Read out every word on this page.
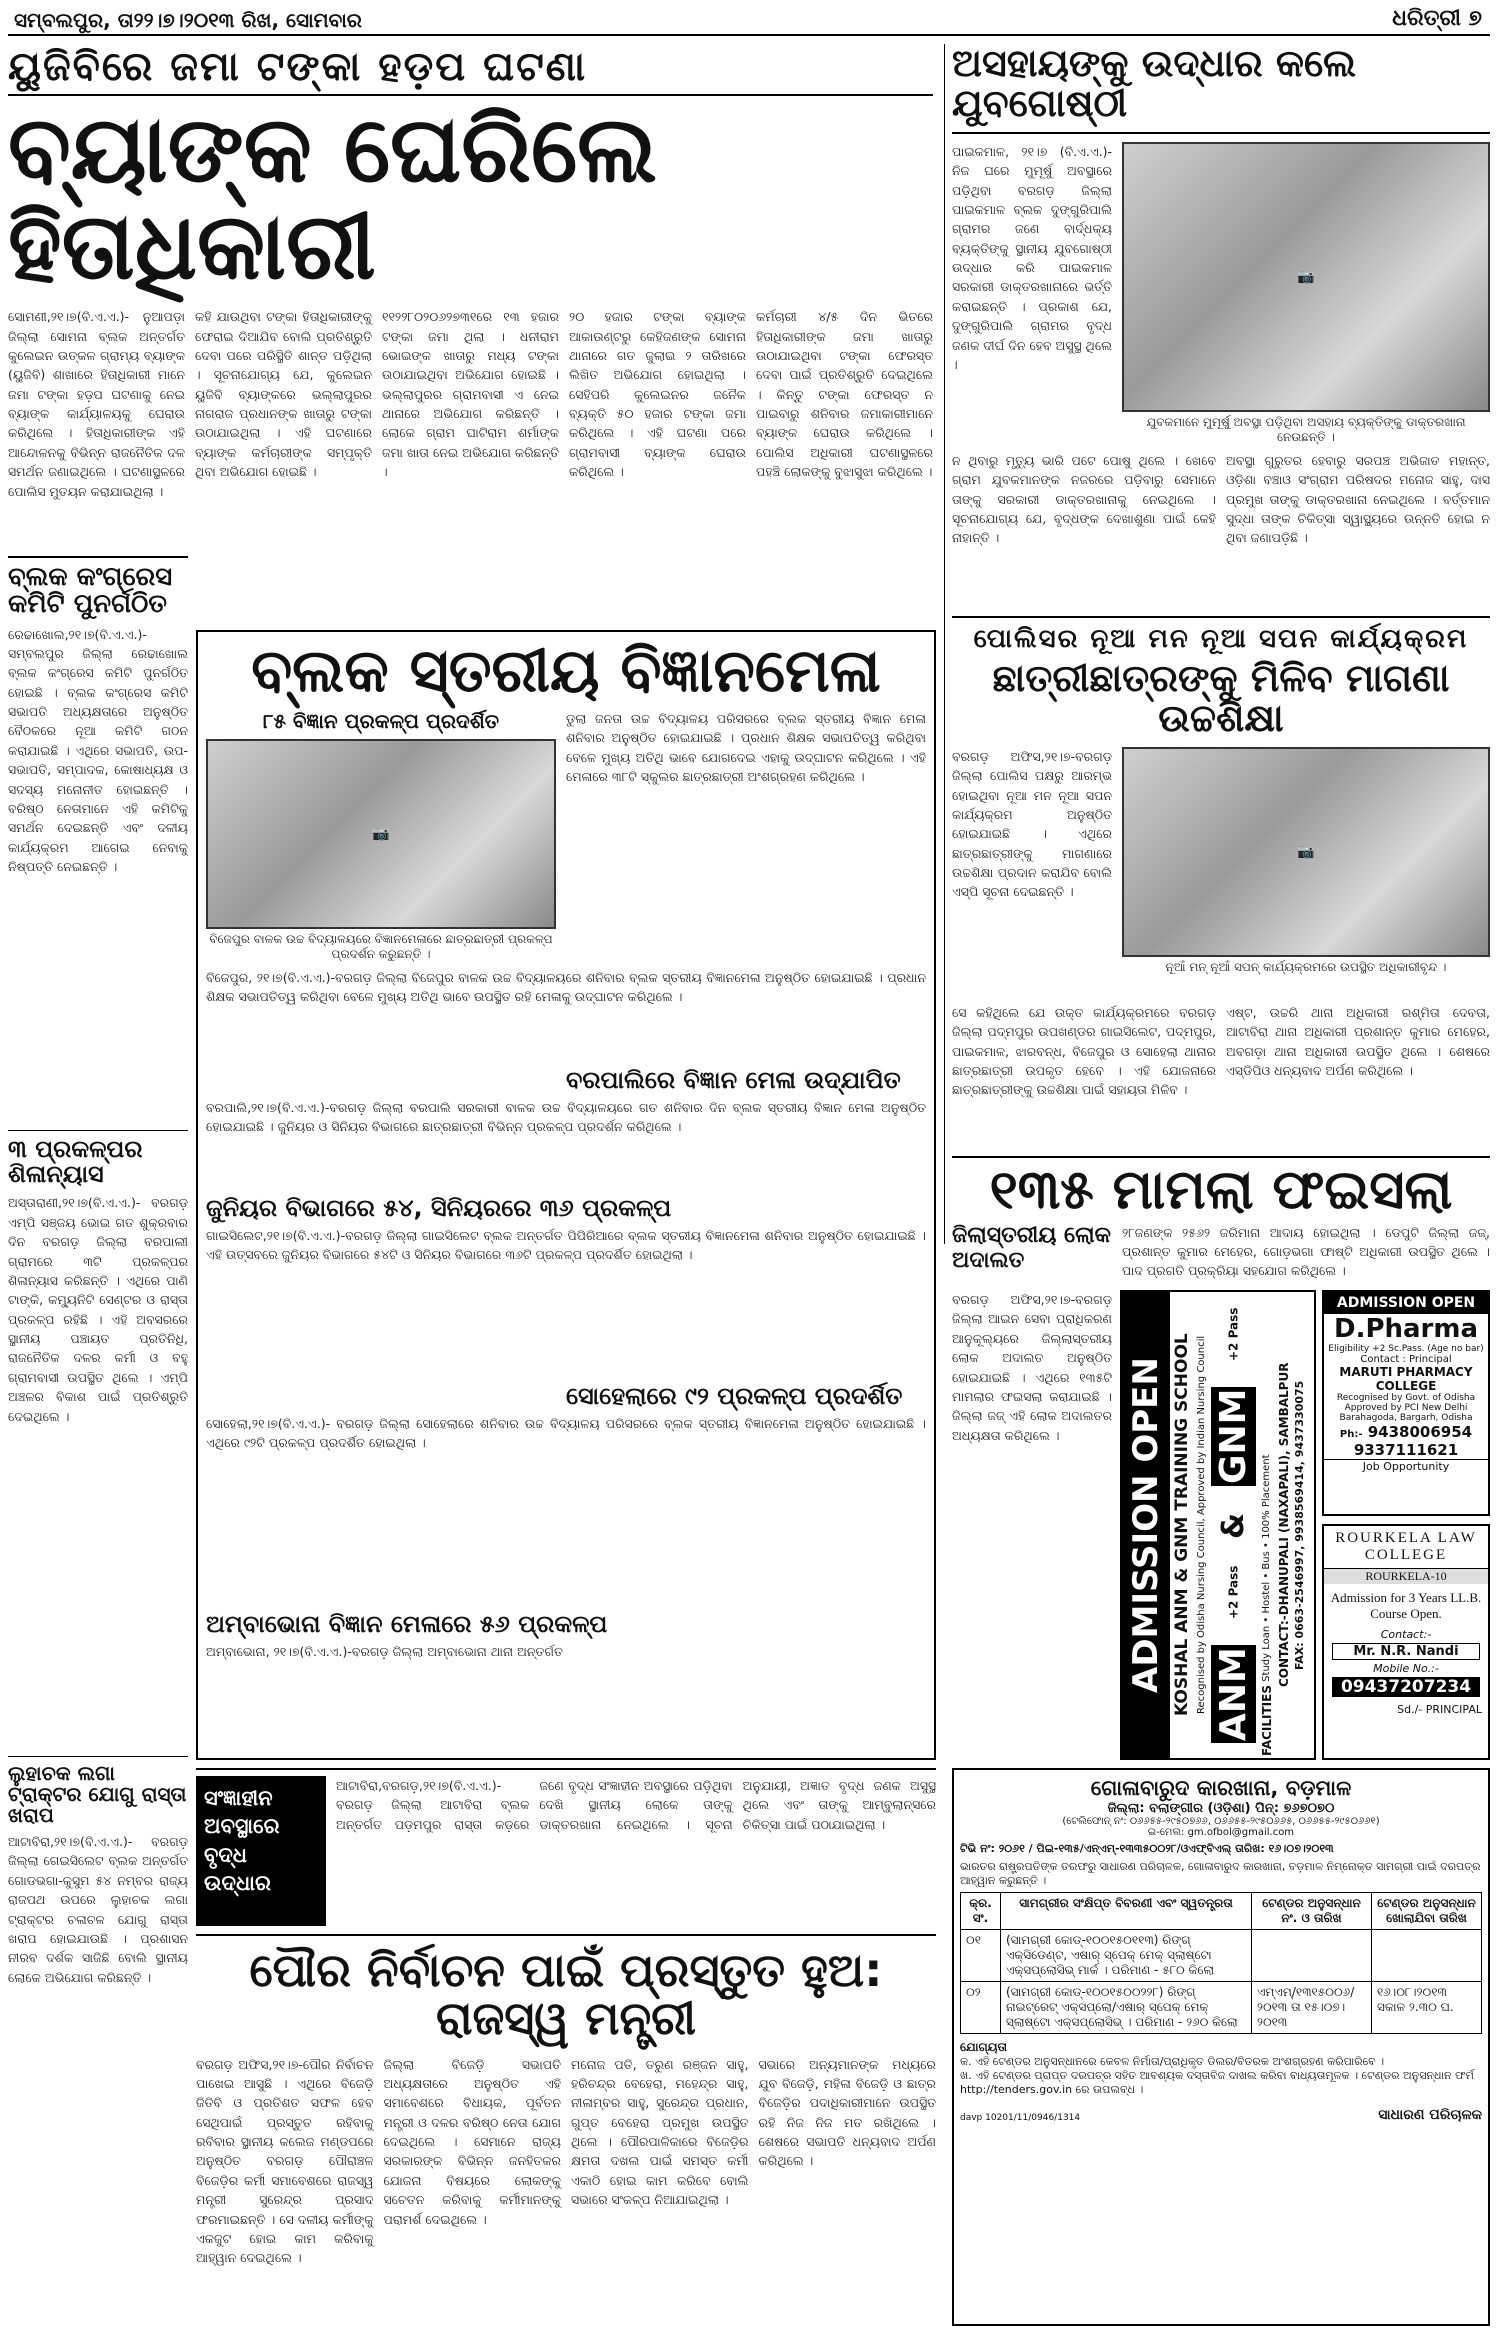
ସମ୍ବଲପୁର, ତା୨୨।୭।୨୦୧୩ ରିଖ, ସୋମବାର	ଧରିତ୍ରୀ ୭
ୟୁଜିବିରେ ଜମା ଟଙ୍କା ହଡ଼ପ ଘଟଣା
ବ୍ୟାଙ୍କ ଘେରିଲେ ହିତାଧିକାରୀ
ସୋମଣୀ,୨୧।୭(ବି.ଏ.ଏ.)- ନୁଆପଡ଼ା ଜିଲ୍ଲା ସୋମନା ବ୍ଲକ ଅନ୍ତର୍ଗତ କୁଲେଇନ ଉତ୍କଳ ଗ୍ରାମ୍ୟ ବ୍ୟାଙ୍କ (ୟୁଜିବି) ଶାଖାରେ ହିତାଧିକାରୀ ମାନେ ଜମା ଟଙ୍କା ହଡ଼ପ ଘଟଣାକୁ ନେଇ ବ୍ୟାଙ୍କ କାର୍ଯ୍ୟାଳୟକୁ ଘେରାଉ କରିଥିଲେ । ହିତାଧିକାରୀଙ୍କ ଏହି ଆନ୍ଦୋଳନକୁ ବିଭିନ୍ନ ରାଜନୈତିକ ଦଳ ସମର୍ଥନ ଜଣାଇଥିଲେ । ଘଟଣାସ୍ଥଳରେ ପୋଲିସ ମୁତୟନ କରାଯାଇଥିଲା ।
କହି ଯାଉଥିବା ଟଙ୍କା ହିତାଧିକାରୀଙ୍କୁ ଫେରାଇ ଦିଆଯିବ ବୋଲି ପ୍ରତିଶ୍ରୁତି ଦେବା ପରେ ପରିସ୍ଥିତି ଶାନ୍ତ ପଡ଼ିଥିଲା । ସୂଚନାଯୋଗ୍ୟ ଯେ, କୁଲେଇନ ୟୁଜିବି ବ୍ୟାଙ୍କରେ ଭଲ୍ଲାପୁରର ନାଗରାଜ ପ୍ରଧାନଙ୍କ ଖାତାରୁ ଟଙ୍କା ଉଠାଯାଇଥିଲା । ଏହି ଘଟଣାରେ ବ୍ୟାଙ୍କ କର୍ମଚାରୀଙ୍କ ସମ୍ପୃକ୍ତି ଥିବା ଅଭିଯୋଗ ହୋଇଛି ।
୧୧୨୨୮୦୨୦୬୨୭୩୧ରେ ୧୩ ହଜାର ଟଙ୍କା ଜମା ଥିଲା । ଧନୀରାମ ଭୋଇଙ୍କ ଖାତାରୁ ମଧ୍ୟ ଟଙ୍କା ଉଠାଯାଇଥିବା ଅଭିଯୋଗ ହୋଇଛି । ଭଲ୍ଲାପୁରର ଗ୍ରାମବାସୀ ଏ ନେଇ ଥାନାରେ ଅଭିଯୋଗ କରିଛନ୍ତି । ଲୋକେ ଗ୍ରାମ ଘାଟିରାମ ଶର୍ମାଙ୍କ ଜମା ଖାତା ନେଇ ଅଭିଯୋଗ କରିଛନ୍ତି ।
୨୦ ହଜାର ଟଙ୍କା ବ୍ୟାଙ୍କ ଆକାଉଣ୍ଟରୁ କେହିଜଣଙ୍କ ସୋମନା ଥାନାରେ ଗତ ଜୁଲାଇ ୨ ତାରିଖରେ ଲିଖିତ ଅଭିଯୋଗ ହୋଇଥିଲା । ସେହିପରି କୁଲେଇନର ଜନୈକ ବ୍ୟକ୍ତି ୫୦ ହଜାର ଟଙ୍କା ଜମା କରିଥିଲେ । ଏହି ଘଟଣା ପରେ ଗ୍ରାମବାସୀ ବ୍ୟାଙ୍କ ଘେରାଉ କରିଥିଲେ ।
କର୍ମଚାରୀ ୪/୫ ଦିନ ଭିତରେ ହିତାଧିକାରୀଙ୍କ ଜମା ଖାତାରୁ ଉଠାଯାଇଥିବା ଟଙ୍କା ଫେରସ୍ତ ଦେବା ପାଇଁ ପ୍ରତିଶ୍ରୁତି ଦେଇଥିଲେ । କିନ୍ତୁ ଟଙ୍କା ଫେରସ୍ତ ନ ପାଇବାରୁ ଶନିବାର ଜମାକାରୀମାନେ ବ୍ୟାଙ୍କ ଘେରାଉ କରିଥିଲେ । ପୋଲିସ ଅଧିକାରୀ ଘଟଣାସ୍ଥଳରେ ପହଞ୍ଚି ଲୋକଙ୍କୁ ବୁଝାସୁଝା କରିଥିଲେ ।
ଅସହାୟଙ୍କୁ ଉଦ୍ଧାର କଲେ ଯୁବଗୋଷ୍ଠୀ
ପାଇକମାଳ, ୨୧।୭ (ବି.ଏ.ଏ.)-ନିଜ ଘରେ ମୁମୂର୍ଷୁ ଅବସ୍ଥାରେ ପଡ଼ିଥିବା ବରଗଡ଼ ଜିଲ୍ଲା ପାଇକମାଳ ବ୍ଲକ ଦୁଙ୍ଗୁରିପାଲି ଗ୍ରାମର ଜଣେ ବାର୍ଦ୍ଧକ୍ୟ ବ୍ୟକ୍ତିଙ୍କୁ ସ୍ଥାନୀୟ ଯୁବଗୋଷ୍ଠୀ ଉଦ୍ଧାର କରି ପାଇକମାଳ ସରକାରୀ ଡାକ୍ତରଖାନାରେ ଭର୍ତ୍ତି କରାଇଛନ୍ତି । ପ୍ରକାଶ ଯେ, ଦୁଙ୍ଗୁରିପାଲି ଗ୍ରାମର ବୃଦ୍ଧ ଜଣକ ଦୀର୍ଘ ଦିନ ହେବ ଅସୁସ୍ଥ ଥିଲେ ।
📷
ଯୁବକମାନେ ମୁମୂର୍ଷୁ ଅବସ୍ଥା ପଡ଼ିଥିବା ଅସହାୟ ବ୍ୟକ୍ତିଙ୍କୁ ଡାକ୍ତରଖାନା ନେଉଛନ୍ତି ।
ନ ଥିବାରୁ ମୃତ୍ୟୁ ଭାରି ପଟେ ପୋଷୁ ଥିଲେ । ଖେବେ ଗ୍ରାମ ଯୁବକମାନଙ୍କ ନଜରରେ ପଡ଼ିବାରୁ ସେମାନେ ତାଙ୍କୁ ସରକାରୀ ଡାକ୍ତରଖାନାକୁ ନେଇଥିଲେ । ସୂଚନାଯୋଗ୍ୟ ଯେ, ବୃଦ୍ଧଙ୍କ ଦେଖାଶୁଣା ପାଇଁ କେହି ନାହାନ୍ତି ।
ଅବସ୍ଥା ଗୁରୁତର ହେବାରୁ ସରପଞ୍ଚ ଅଭିଜାତ ମହାନ୍ତ, ଓଡ଼ିଶା ବଞ୍ଚାଓ ସଂଗ୍ରାମ ପରିଷଦର ମନୋଜ ସାହୁ, ଦାସ ପ୍ରମୁଖ ତାଙ୍କୁ ଡାକ୍ତରଖାନା ନେଇଥିଲେ । ବର୍ତ୍ତମାନ ସୁଦ୍ଧା ତାଙ୍କ ଚିକିତ୍ସା ସ୍ୱାସ୍ଥ୍ୟରେ ଉନ୍ନତି ହୋଇ ନ ଥିବା ଜଣାପଡ଼ିଛି ।
ବ୍ଲକ କଂଗ୍ରେସ କମିଟି ପୁନର୍ଗଠିତ
ରେଢାଖୋଲ,୨୧।୭(ବି.ଏ.ଏ.)- ସମ୍ବଲପୁର ଜିଲ୍ଲା ରେଢାଖୋଲ ବ୍ଲକ କଂଗ୍ରେସ କମିଟି ପୁନର୍ଗଠିତ ହୋଇଛି । ବ୍ଲକ କଂଗ୍ରେସ କମିଟି ସଭାପତି ଅଧ୍ୟକ୍ଷତାରେ ଅନୁଷ୍ଠିତ ବୈଠକରେ ନୂଆ କମିଟି ଗଠନ କରାଯାଇଛି । ଏଥିରେ ସଭାପତି, ଉପ-ସଭାପତି, ସମ୍ପାଦକ, କୋଷାଧ୍ୟକ୍ଷ ଓ ସଦସ୍ୟ ମନୋନୀତ ହୋଇଛନ୍ତି । ବରିଷ୍ଠ ନେତାମାନେ ଏହି କମିଟିକୁ ସମର୍ଥନ ଦେଇଛନ୍ତି ଏବଂ ଦଳୀୟ କାର୍ଯ୍ୟକ୍ରମ ଆଗେଇ ନେବାକୁ ନିଷ୍ପତ୍ତି ନେଇଛନ୍ତି ।
୩ ପ୍ରକଳ୍ପର ଶିଳାନ୍ୟାସ
ଅସ୍ତାରାଣୀ,୨୧।୭(ବି.ଏ.ଏ.)- ବରଗଡ଼ ଏମ୍ପି ସଞ୍ଜୟ ଭୋଇ ଗତ ଶୁକ୍ରବାର ଦିନ ବରଗଡ଼ ଜିଲ୍ଲା ବରପାଲୀ ଗ୍ରାମରେ ୩ଟି ପ୍ରକଳ୍ପର ଶିଳାନ୍ୟାସ କରିଛନ୍ତି । ଏଥିରେ ପାଣି ଟାଙ୍କି, କମ୍ୟୁନିଟି ସେଣ୍ଟର ଓ ରାସ୍ତା ପ୍ରକଳ୍ପ ରହିଛି । ଏହି ଅବସରରେ ସ୍ଥାନୀୟ ପଞ୍ଚାୟତ ପ୍ରତିନିଧି, ରାଜନୈତିକ ଦଳର କର୍ମୀ ଓ ବହୁ ଗ୍ରାମବାସୀ ଉପସ୍ଥିତ ଥିଲେ । ଏମ୍ପି ଅଞ୍ଚଳର ବିକାଶ ପାଇଁ ପ୍ରତିଶ୍ରୁତି ଦେଇଥିଲେ ।
ଲୁହାଚକ ଲଗା ଟ୍ରାକ୍ଟର ଯୋଗୁ ରାସ୍ତା ଖରାପ
ଆଟାବିରା,୨୧।୭(ବି.ଏ.ଏ.)- ବରଗଡ଼ ଜିଲ୍ଲା ଗେଇସିଲେଟ ବ୍ଲକ ଅନ୍ତର୍ଗତ ଗୋଡଭଗା-କୁସୁମ ୫୪ ନମ୍ବର ରାଜ୍ୟ ରାଜପଥ ଉପରେ ଲୁହାଚକ ଲଗା ଟ୍ରାକ୍ଟର ଚଳାଚଳ ଯୋଗୁ ରାସ୍ତା ଖରାପ ହୋଇଯାଉଛି । ପ୍ରଶାସନ ନୀରବ ଦର୍ଶକ ସାଜିଛି ବୋଲି ସ୍ଥାନୀୟ ଲୋକେ ଅଭିଯୋଗ କରିଛନ୍ତି ।
ବ୍ଲକ ସ୍ତରୀୟ ବିଜ୍ଞାନମେଳା
୮୫ ବିଜ୍ଞାନ ପ୍ରକଳ୍ପ ପ୍ରଦର୍ଶିତ
📷
ବିଜେପୁର ବାଳକ ଉଚ୍ଚ ବିଦ୍ୟାଳୟରେ ବିଜ୍ଞାନମେଳାରେ ଛାତ୍ରଛାତ୍ରୀ ପ୍ରକଳ୍ପ ପ୍ରଦର୍ଶନ କରୁଛନ୍ତି ।
ଡୁଲା ଜନତା ଉଚ୍ଚ ବିଦ୍ୟାଳୟ ପରିସରରେ ବ୍ଲକ ସ୍ତରୀୟ ବିଜ୍ଞାନ ମେଳା ଶନିବାର ଅନୁଷ୍ଠିତ ହୋଇଯାଇଛି । ପ୍ରଧାନ ଶିକ୍ଷକ ସଭାପତିତ୍ୱ କରିଥିବା ବେଳେ ମୁଖ୍ୟ ଅତିଥି ଭାବେ ଯୋଗଦେଇ ଏହାକୁ ଉଦ୍‌ଘାଟନ କରିଥିଲେ । ଏହି ମେଳାରେ ୩୮ଟି ସ୍କୁଲର ଛାତ୍ରଛାତ୍ରୀ ଅଂଶଗ୍ରହଣ କରିଥିଲେ ।
ବିଜେପୁର, ୨୧।୭(ବି.ଏ.ଏ.)-ବରଗଡ଼ ଜିଲ୍ଲା ବିଜେପୁର ବାଳକ ଉଚ୍ଚ ବିଦ୍ୟାଳୟରେ ଶନିବାର ବ୍ଲକ ସ୍ତରୀୟ ବିଜ୍ଞାନମେଳା ଅନୁଷ୍ଠିତ ହୋଇଯାଇଛି । ପ୍ରଧାନ ଶିକ୍ଷକ ସଭାପତିତ୍ୱ କରିଥିବା ବେଳେ ମୁଖ୍ୟ ଅତିଥି ଭାବେ ଉପସ୍ଥିତ ରହି ମେଳାକୁ ଉଦ୍‌ଘାଟନ କରିଥିଲେ ।
ବରପାଲିରେ ବିଜ୍ଞାନ ମେଳା ଉଦ୍‌ଯାପିତ
ବରପାଲି,୨୧।୭(ବି.ଏ.ଏ.)-ବରଗଡ଼ ଜିଲ୍ଲା ବରପାଲି ସରକାରୀ ବାଳକ ଉଚ୍ଚ ବିଦ୍ୟାଳୟରେ ଗତ ଶନିବାର ଦିନ ବ୍ଲକ ସ୍ତରୀୟ ବିଜ୍ଞାନ ମେଳା ଅନୁଷ୍ଠିତ ହୋଇଯାଇଛି । ଜୁନିୟର ଓ ସିନିୟର ବିଭାଗରେ ଛାତ୍ରଛାତ୍ରୀ ବିଭିନ୍ନ ପ୍ରକଳ୍ପ ପ୍ରଦର୍ଶନ କରିଥିଲେ ।
ଜୁନିୟର ବିଭାଗରେ ୫୪, ସିନିୟରରେ ୩୬ ପ୍ରକଳ୍ପ
ଗାଇସିଲେଟ,୨୧।୭(ବି.ଏ.ଏ.)-ବରଗଡ଼ ଜିଲ୍ଲା ଗାଇସିଲେଟ ବ୍ଲକ ଅନ୍ତର୍ଗତ ପିପିରିଆରେ ବ୍ଲକ ସ୍ତରୀୟ ବିଜ୍ଞାନମେଳା ଶନିବାର ଅନୁଷ୍ଠିତ ହୋଇଯାଇଛି । ଏହି ଉତ୍ସବରେ ଜୁନିୟର ବିଭାଗରେ ୫୪ଟି ଓ ସିନିୟର ବିଭାଗରେ ୩୬ଟି ପ୍ରକଳ୍ପ ପ୍ରଦର୍ଶିତ ହୋଇଥିଲା ।
ସୋହେଲାରେ ୯୨ ପ୍ରକଳ୍ପ ପ୍ରଦର୍ଶିତ
ସୋହେଲା,୨୧।୭(ବି.ଏ.ଏ.)- ବରଗଡ଼ ଜିଲ୍ଲା ସୋହେଲାରେ ଶନିବାର ଉଚ୍ଚ ବିଦ୍ୟାଳୟ ପରିସରରେ ବ୍ଲକ ସ୍ତରୀୟ ବିଜ୍ଞାନମେଳା ଅନୁଷ୍ଠିତ ହୋଇଯାଇଛି । ଏଥିରେ ୯୨ଟି ପ୍ରକଳ୍ପ ପ୍ରଦର୍ଶିତ ହୋଇଥିଲା ।
ଅମ୍ବାଭୋନା ବିଜ୍ଞାନ ମେଳାରେ ୫୬ ପ୍ରକଳ୍ପ
ଅମ୍ବାଭୋନା, ୨୧।୭(ବି.ଏ.ଏ.)-ବରଗଡ଼ ଜିଲ୍ଲା ଅମ୍ବାଭୋନା ଥାନା ଅନ୍ତର୍ଗତ
ପୋଲିସର ନୂଆ ମନ ନୂଆ ସପନ କାର୍ଯ୍ୟକ୍ରମ
ଛାତ୍ରୀଛାତ୍ରଙ୍କୁ ମିଳିବ ମାଗଣା ଉଚ୍ଚଶିକ୍ଷା
ବରଗଡ଼ ଅଫିସ,୨୧।୭-ବରଗଡ଼ ଜିଲ୍ଲା ପୋଲିସ ପକ୍ଷରୁ ଆରମ୍ଭ ହୋଇଥିବା ନୂଆ ମନ ନୂଆ ସପନ କାର୍ଯ୍ୟକ୍ରମ ଅନୁଷ୍ଠିତ ହୋଇଯାଇଛି । ଏଥିରେ ଛାତ୍ରଛାତ୍ରୀଙ୍କୁ ମାଗଣାରେ ଉଚ୍ଚଶିକ୍ଷା ପ୍ରଦାନ କରାଯିବ ବୋଲି ଏସ୍‌ପି ସୂଚନା ଦେଇଛନ୍ତି ।
📷
ନୂଆଁ ମନ୍ ନୂଆଁ ସପନ୍ କାର୍ଯ୍ୟକ୍ରମରେ ଉପସ୍ଥିତ ଅଧିକାରୀବୃନ୍ଦ ।
ସେ କହିଥିଲେ ଯେ ଉକ୍ତ କାର୍ଯ୍ୟକ୍ରମରେ ବରଗଡ଼ ଜିଲ୍ଲା ପଦ୍ମପୁର ଉପଖଣ୍ଡର ଗାଇସିଲେଟ, ପଦ୍ମପୁର, ପାଇକମାଳ, ଝାରବନ୍ଧ, ବିଜେପୁର ଓ ସୋହେଲା ଥାନାର ଛାତ୍ରଛାତ୍ରୀ ଉପକୃତ ହେବେ । ଏହି ଯୋଜନାରେ ଛାତ୍ରଛାତ୍ରୀଙ୍କୁ ଉଚ୍ଚଶିକ୍ଷା ପାଇଁ ସହାୟତା ମିଳିବ ।
ଏଷ୍ଟ, ଉଚ୍ଚରି ଥାନା ଅଧିକାରୀ ରଶ୍ମିତା ଦେବତା, ଆଟାବିରା ଥାନା ଅଧିକାରୀ ପ୍ରଶାନ୍ତ କୁମାର ମେହେର, ଅବଗଡ଼ା ଥାନା ଅଧିକାରୀ ଉପସ୍ଥିତ ଥିଲେ । ଶେଷରେ ଏସ୍‌ଡିପିଓ ଧନ୍ୟବାଦ ଅର୍ପଣ କରିଥିଲେ ।
୧୩୫ ମାମଲା ଫଇସଲା
ଜିଲାସ୍ତରୀୟ ଲୋକ ଅଦାଲତ
୨୮ଜଣଙ୍କ ୨୫୬୨ ଜରିମାନା ଆଦାୟ ହୋଇଥିଲା । ଡେପୁଟି ଜିଲ୍ଲା ଜଜ୍, ପ୍ରଶାନ୍ତ କୁମାର ମେହେର, ଗୋଡ଼ଭଗା ଫାଷ୍ଟି ଅଧିକାରୀ ଉପସ୍ଥିତ ଥିଲେ । ପାଦ ପ୍ରଗତି ପ୍ରକ୍ରିୟା ସହଯୋଗ କରିଥିଲେ ।
ବରଗଡ଼ ଅଫିସ,୨୧।୭-ବରଗଡ଼ ଜିଲ୍ଲା ଆଇନ ସେବା ପ୍ରାଧିକରଣ ଆନୁକୂଲ୍ୟରେ ଜିଲ୍ଲାସ୍ତରୀୟ ଲୋକ ଅଦାଲତ ଅନୁଷ୍ଠିତ ହୋଇଯାଇଛି । ଏଥିରେ ୧୩୫ଟି ମାମଲାର ଫଇସଲା କରାଯାଇଛି । ଜିଲ୍ଲା ଜଜ୍ ଏହି ଲୋକ ଅଦାଲତର ଅଧ୍ୟକ୍ଷତା କରିଥିଲେ ।	ADMISSION OPEN KOSHAL ANM & GNM TRAINING SCHOOL Recognised by Odisha Nursing Council, Approved by Indian Nursing Council ANM
+2 Pass
&
GNM
+2 Pass
FACILITIES Study Loan • Hostel • Bus • 100% Placement CONTACT:-DHANUPALI (NAXAPALI), SAMBALPUR FAX: 0663-2546997, 9938569414, 9437330075
ADMISSION OPEN
D.Pharma
Eligibility +2 Sc.Pass. (Age no bar)
Contact : Principal
MARUTI PHARMACY COLLEGE
Recognised by Govt. of Odisha
Approved by PCI New Delhi
Barahagoda, Bargarh, Odisha
Ph:- 9438006954
9337111621
Job Opportunity
ROURKELA LAW COLLEGE
ROURKELA-10
Admission for 3 Years LL.B. Course Open.
Contact:-
Mr. N.R. Nandi
Mobile No.:-
09437207234
Sd./- PRINCIPAL
ସଂଜ୍ଞାହୀନ ଅବସ୍ଥାରେ ବୃଦ୍ଧ ଉଦ୍ଧାର
ଆଟାବିରା,ବରଗଡ଼,୨୧।୭(ବି.ଏ.ଏ.)- ବରଗଡ଼ ଜିଲ୍ଲା ଆଟାବିରା ବ୍ଲକ ଅନ୍ତର୍ଗତ ପଡ଼ମପୁର ରାସ୍ତା କଡ଼ରେ ଜଣେ ବୃଦ୍ଧ ସଂଜ୍ଞାହୀନ ଅବସ୍ଥାରେ ପଡ଼ିଥିବା ଦେଖି ସ୍ଥାନୀୟ ଲୋକେ ତାଙ୍କୁ ଡାକ୍ତରଖାନା ନେଇଥିଲେ । ସୂଚନା ଅନୁଯାୟୀ, ଅଜ୍ଞାତ ବୃଦ୍ଧ ଜଣକ ଅସୁସ୍ଥ ଥିଲେ ଏବଂ ତାଙ୍କୁ ଆମ୍ବୁଲାନ୍ସରେ ଚିକିତ୍ସା ପାଇଁ ପଠାଯାଇଥିଲା ।
ପୌର ନିର୍ବାଚନ ପାଇଁ ପ୍ରସ୍ତୁତ ହୁଅ: ରାଜସ୍ୱ ମନ୍ତ୍ରୀ
ବରଗଡ଼ ଅଫିସ,୨୧।୭-ପୌର ନିର୍ବାଚନ ପାଖେଇ ଆସୁଛି । ଏଥିରେ ବିଜେଡ଼ି ଜିତିବି ଓ ପ୍ରତିଶତ ସଫଳ ହେବ ସେଥିପାଇଁ ପ୍ରସ୍ତୁତ ରହିବାକୁ ରବିବାର ସ୍ଥାନୀୟ କଲେଜ ମଣ୍ଡପରେ ଅନୁଷ୍ଠିତ ବରଗଡ଼ ପୌରାଞ୍ଚଳ ବିଜେଡ଼ିର କର୍ମୀ ସମାବେଶରେ ରାଜସ୍ୱ ମନ୍ତ୍ରୀ ସୁରେନ୍ଦ୍ର ପ୍ରସାଦ ଫରମାଇଛନ୍ତି । ସେ ଦଳୀୟ କର୍ମୀଙ୍କୁ ଏକଜୁଟ ହୋଇ କାମ କରିବାକୁ ଆହ୍ୱାନ ଦେଇଥିଲେ ।
ଜିଲ୍ଲା ବିଜେଡ଼ି ସଭାପତି ଅଧ୍ୟକ୍ଷତାରେ ଅନୁଷ୍ଠିତ ଏହି ସମାବେଶରେ ବିଧାୟକ, ପୂର୍ବତନ ମନ୍ତ୍ରୀ ଓ ଦଳର ବରିଷ୍ଠ ନେତା ଯୋଗ ଦେଇଥିଲେ । ସେମାନେ ରାଜ୍ୟ ସରକାରଙ୍କ ବିଭିନ୍ନ ଜନହିତକର ଯୋଜନା ବିଷୟରେ ଲୋକଙ୍କୁ ସଚେତନ କରିବାକୁ କର୍ମୀମାନଙ୍କୁ ପରାମର୍ଶ ଦେଇଥିଲେ ।
ମନୋଜ ପତି, ତରୁଣ ରଞ୍ଜନ ସାହୁ, ହରିଚନ୍ଦ୍ର ବେହେରା, ମହେନ୍ଦ୍ର ସାହୁ, ନୀଳାମ୍ବର ସାହୁ, ସୁରେନ୍ଦ୍ର ପ୍ରଧାନ, ଗୁପ୍ତ ବେହେରା ପ୍ରମୁଖ ଉପସ୍ଥିତ ଥିଲେ । ପୌରପାଳିକାରେ ବିଜେଡ଼ିର କ୍ଷମତା ଦଖଲ ପାଇଁ ସମସ୍ତ କର୍ମୀ ଏକାଠି ହୋଇ କାମ କରିବେ ବୋଲି ସଭାରେ ସଂକଳ୍ପ ନିଆଯାଇଥିଲା ।
ସଭାରେ ଅନ୍ୟମାନଙ୍କ ମଧ୍ୟରେ ଯୁବ ବିଜେଡ଼ି, ମହିଳା ବିଜେଡ଼ି ଓ ଛାତ୍ର ବିଜେଡ଼ିର ପଦାଧିକାରୀମାନେ ଉପସ୍ଥିତ ରହି ନିଜ ନିଜ ମତ ରଖିଥିଲେ । ଶେଷରେ ସଭାପତି ଧନ୍ୟବାଦ ଅର୍ପଣ କରିଥିଲେ ।
ଗୋଳାବାରୁଦ କାରଖାନା, ବଡ଼ମାଳ
ଜିଲ୍ଲା: ବଲାଙ୍ଗୀର (ଓଡ଼ିଶା) ପିନ୍: ୭୬୭୦୭୦
(ଟେଲିଫୋନ୍ ନଂ: ୦୬୬୫୫-୨୯୫୦୭୬୬, ୦୬୬୫୫-୨୯୫୦୬୬୫, ୦୬୬୫୫-୨୯୫୦୬୬୧)
ଇ-ମେଲ: gm.ofbol@gmail.com
ଟିଭି ନଂ: ୨୦୬୧ / ପିଇ-୧୩୫/ଏନ୍‌ଏମ୍-୧୩୩୫୦୦୨୮/ଓଏଫ୍‌ବିଏଲ୍ ତାରିଖ: ୧୬।୦୭।୨୦୧୩
ଭାରତର ରାଷ୍ଟ୍ରପତିଙ୍କ ତରଫରୁ ସାଧାରଣ ପରିଚାଳକ, ଗୋଳାବାରୁଦ କାରଖାନା, ବଡ଼ମାଳ ନିମ୍ନୋକ୍ତ ସାମଗ୍ରୀ ପାଇଁ ଦରପତ୍ର ଆହ୍ୱାନ କରୁଛନ୍ତି ।
କ୍ର. ସଂ.	ସାମଗ୍ରୀର ସଂକ୍ଷିପ୍ତ ବିବରଣୀ ଏବଂ ସ୍ୱତନ୍ତ୍ରତା	ଟେଣ୍ଡର ଅନୁସନ୍ଧାନ ନଂ. ଓ ତାରିଖ	ଟେଣ୍ଡର ଅନୁସନ୍ଧାନ ଖୋଲାଯିବା ତାରିଖ
୦୧	(ସାମଗ୍ରୀ କୋଡ୍-୧୦୦୧୫୦୧୧୩) ରିଙ୍ଗ୍ ଏକ୍ସିଡେଣ୍ଟ, ଏଷାର୍ ସ୍ପେକ୍ ମେକ୍ ସ୍ଲାଷ୍ଟୋ ଏକ୍ସପ୍ଲୋସିଭ୍ ମାର୍କ । ପରିମାଣ - ୫୮୦ କିଲୋ		
୦୨	(ସାମଗ୍ରୀ କୋଡ୍-୧୦୦୧୫୦୦୨୨୮) ରିଙ୍ଗ୍ ନାଇଟ୍ରେଟ୍ ଏକ୍ସପ୍ଲୋ/ଏଷାର୍ ସ୍ପେକ୍ ମେକ୍ ସ୍ଲାଷ୍ଟୋ ଏକ୍ସପ୍ଲୋସିଭ୍ । ପରିମାଣ - ୨୬୦ କିଲୋ	ଏମ୍‌ଏମ୍/୧୩୧୫୦୦୬/ ୨୦୧୩ ତା ୧୫।୦୭।୨୦୧୩	୧୬।୦୮।୨୦୧୩ ସକାଳ ୨.୩୦ ଘ.
ଯୋଗ୍ୟତା
କ. ଏହି ଟେଣ୍ଡର ଅନୁସନ୍ଧାନରେ କେବଳ ନିର୍ମାତା/ପ୍ରାଧିକୃତ ଡିଲର/ବିତରକ ଅଂଶଗ୍ରହଣ କରିପାରିବେ ।
ଖ. ଏହି ଟେଣ୍ଡର ପ୍ରାପ୍ତ ଦରପତ୍ର ସହିତ ଆବଶ୍ୟକ ଦସ୍ତାବିଜ ଦାଖଲ କରିବା ବାଧ୍ୟତାମୂଳକ । ଟେଣ୍ଡର ଅନୁସନ୍ଧାନ ଫର୍ମ http://tenders.gov.in ରେ ଉପଲବ୍ଧ ।
davp 10201/11/0946/1314	ସାଧାରଣ ପରିଚାଳକ
